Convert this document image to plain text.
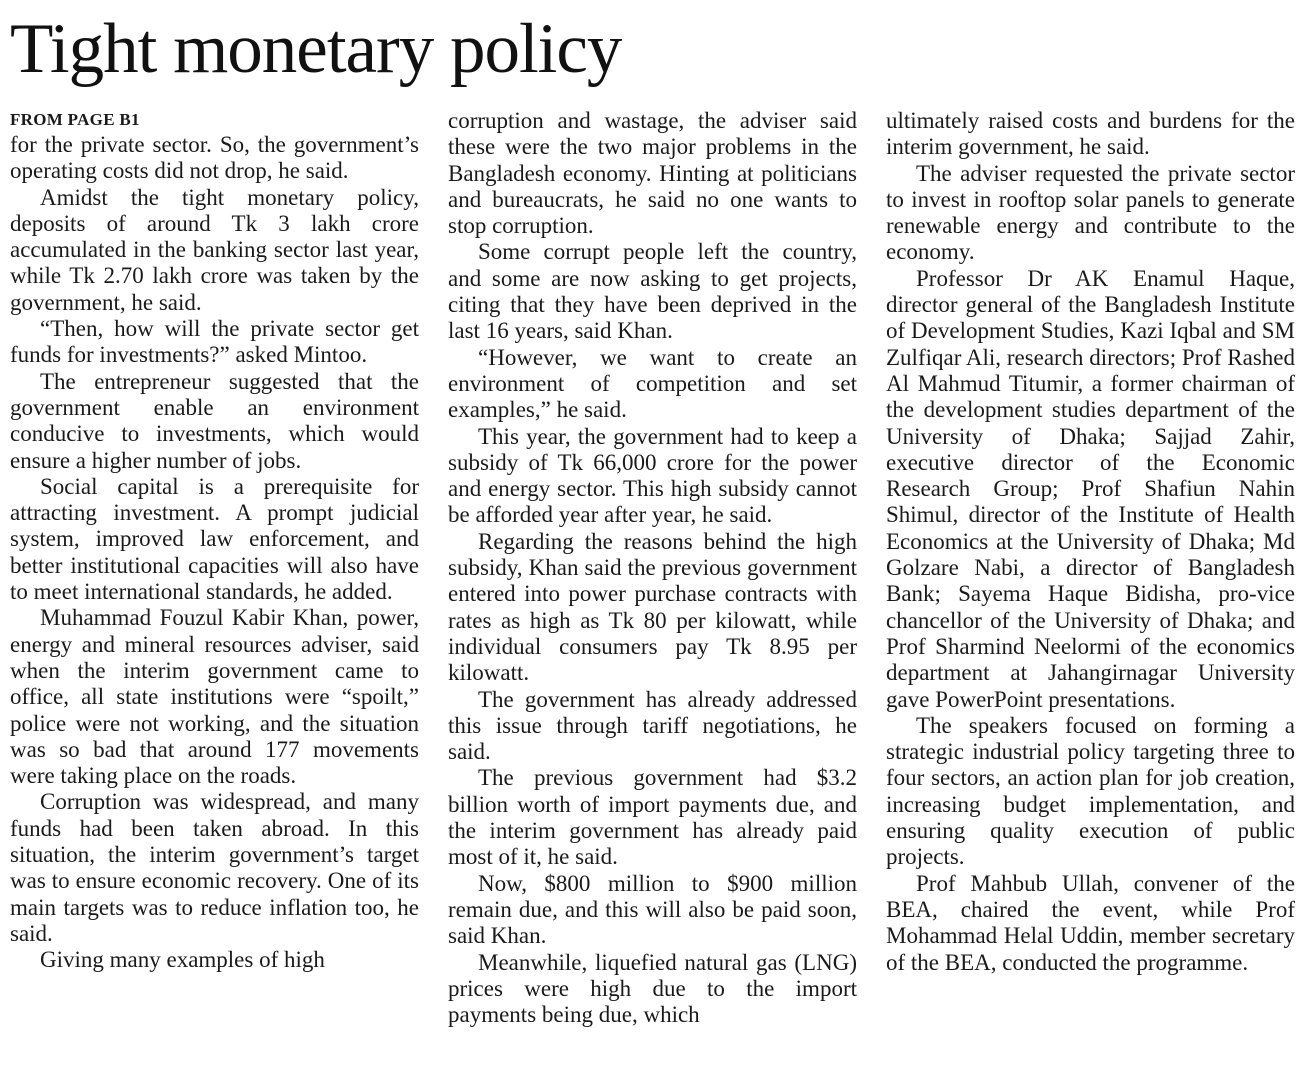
Tight monetary policy
FROM PAGE B1

for the private sector. So, the government’s operating costs did not drop, he said.

Amidst the tight monetary policy, deposits of around Tk 3 lakh crore accumulated in the banking sector last year, while Tk 2.70 lakh crore was taken by the government, he said.

“Then, how will the private sector get funds for investments?” asked Mintoo.

The entrepreneur suggested that the government enable an environment conducive to investments, which would ensure a higher number of jobs.

Social capital is a prerequisite for attracting investment. A prompt judicial system, improved law enforcement, and better institutional capacities will also have to meet international standards, he added.

Muhammad Fouzul Kabir Khan, power, energy and mineral resources adviser, said when the interim government came to office, all state institutions were “spoilt,” police were not working, and the situation was so bad that around 177 movements were taking place on the roads.

Corruption was widespread, and many funds had been taken abroad. In this situation, the interim government’s target was to ensure economic recovery. One of its main targets was to reduce inflation too, he said.

Giving many examples of high

corruption and wastage, the adviser said these were the two major problems in the Bangladesh economy. Hinting at politicians and bureaucrats, he said no one wants to stop corruption.

Some corrupt people left the country, and some are now asking to get projects, citing that they have been deprived in the last 16 years, said Khan.

“However, we want to create an environment of competition and set examples,” he said.

This year, the government had to keep a subsidy of Tk 66,000 crore for the power and energy sector. This high subsidy cannot be afforded year after year, he said.

Regarding the reasons behind the high subsidy, Khan said the previous government entered into power purchase contracts with rates as high as Tk 80 per kilowatt, while individual consumers pay Tk 8.95 per kilowatt.

The government has already addressed this issue through tariff negotiations, he said.

The previous government had $3.2 billion worth of import payments due, and the interim government has already paid most of it, he said.

Now, $800 million to $900 million remain due, and this will also be paid soon, said Khan.

Meanwhile, liquefied natural gas (LNG) prices were high due to the import payments being due, which

ultimately raised costs and burdens for the interim government, he said.

The adviser requested the private sector to invest in rooftop solar panels to generate renewable energy and contribute to the economy.

Professor Dr AK Enamul Haque, director general of the Bangladesh Institute of Development Studies, Kazi Iqbal and SM Zulfiqar Ali, research directors; Prof Rashed Al Mahmud Titumir, a former chairman of the development studies department of the University of Dhaka; Sajjad Zahir, executive director of the Economic Research Group; Prof Shafiun Nahin Shimul, director of the Institute of Health Economics at the University of Dhaka; Md Golzare Nabi, a director of Bangladesh Bank; Sayema Haque Bidisha, pro-vice chancellor of the University of Dhaka; and Prof Sharmind Neelormi of the economics department at Jahangirnagar University gave PowerPoint presentations.

The speakers focused on forming a strategic industrial policy targeting three to four sectors, an action plan for job creation, increasing budget implementation, and ensuring quality execution of public projects.

Prof Mahbub Ullah, convener of the BEA, chaired the event, while Prof Mohammad Helal Uddin, member secretary of the BEA, conducted the programme.
